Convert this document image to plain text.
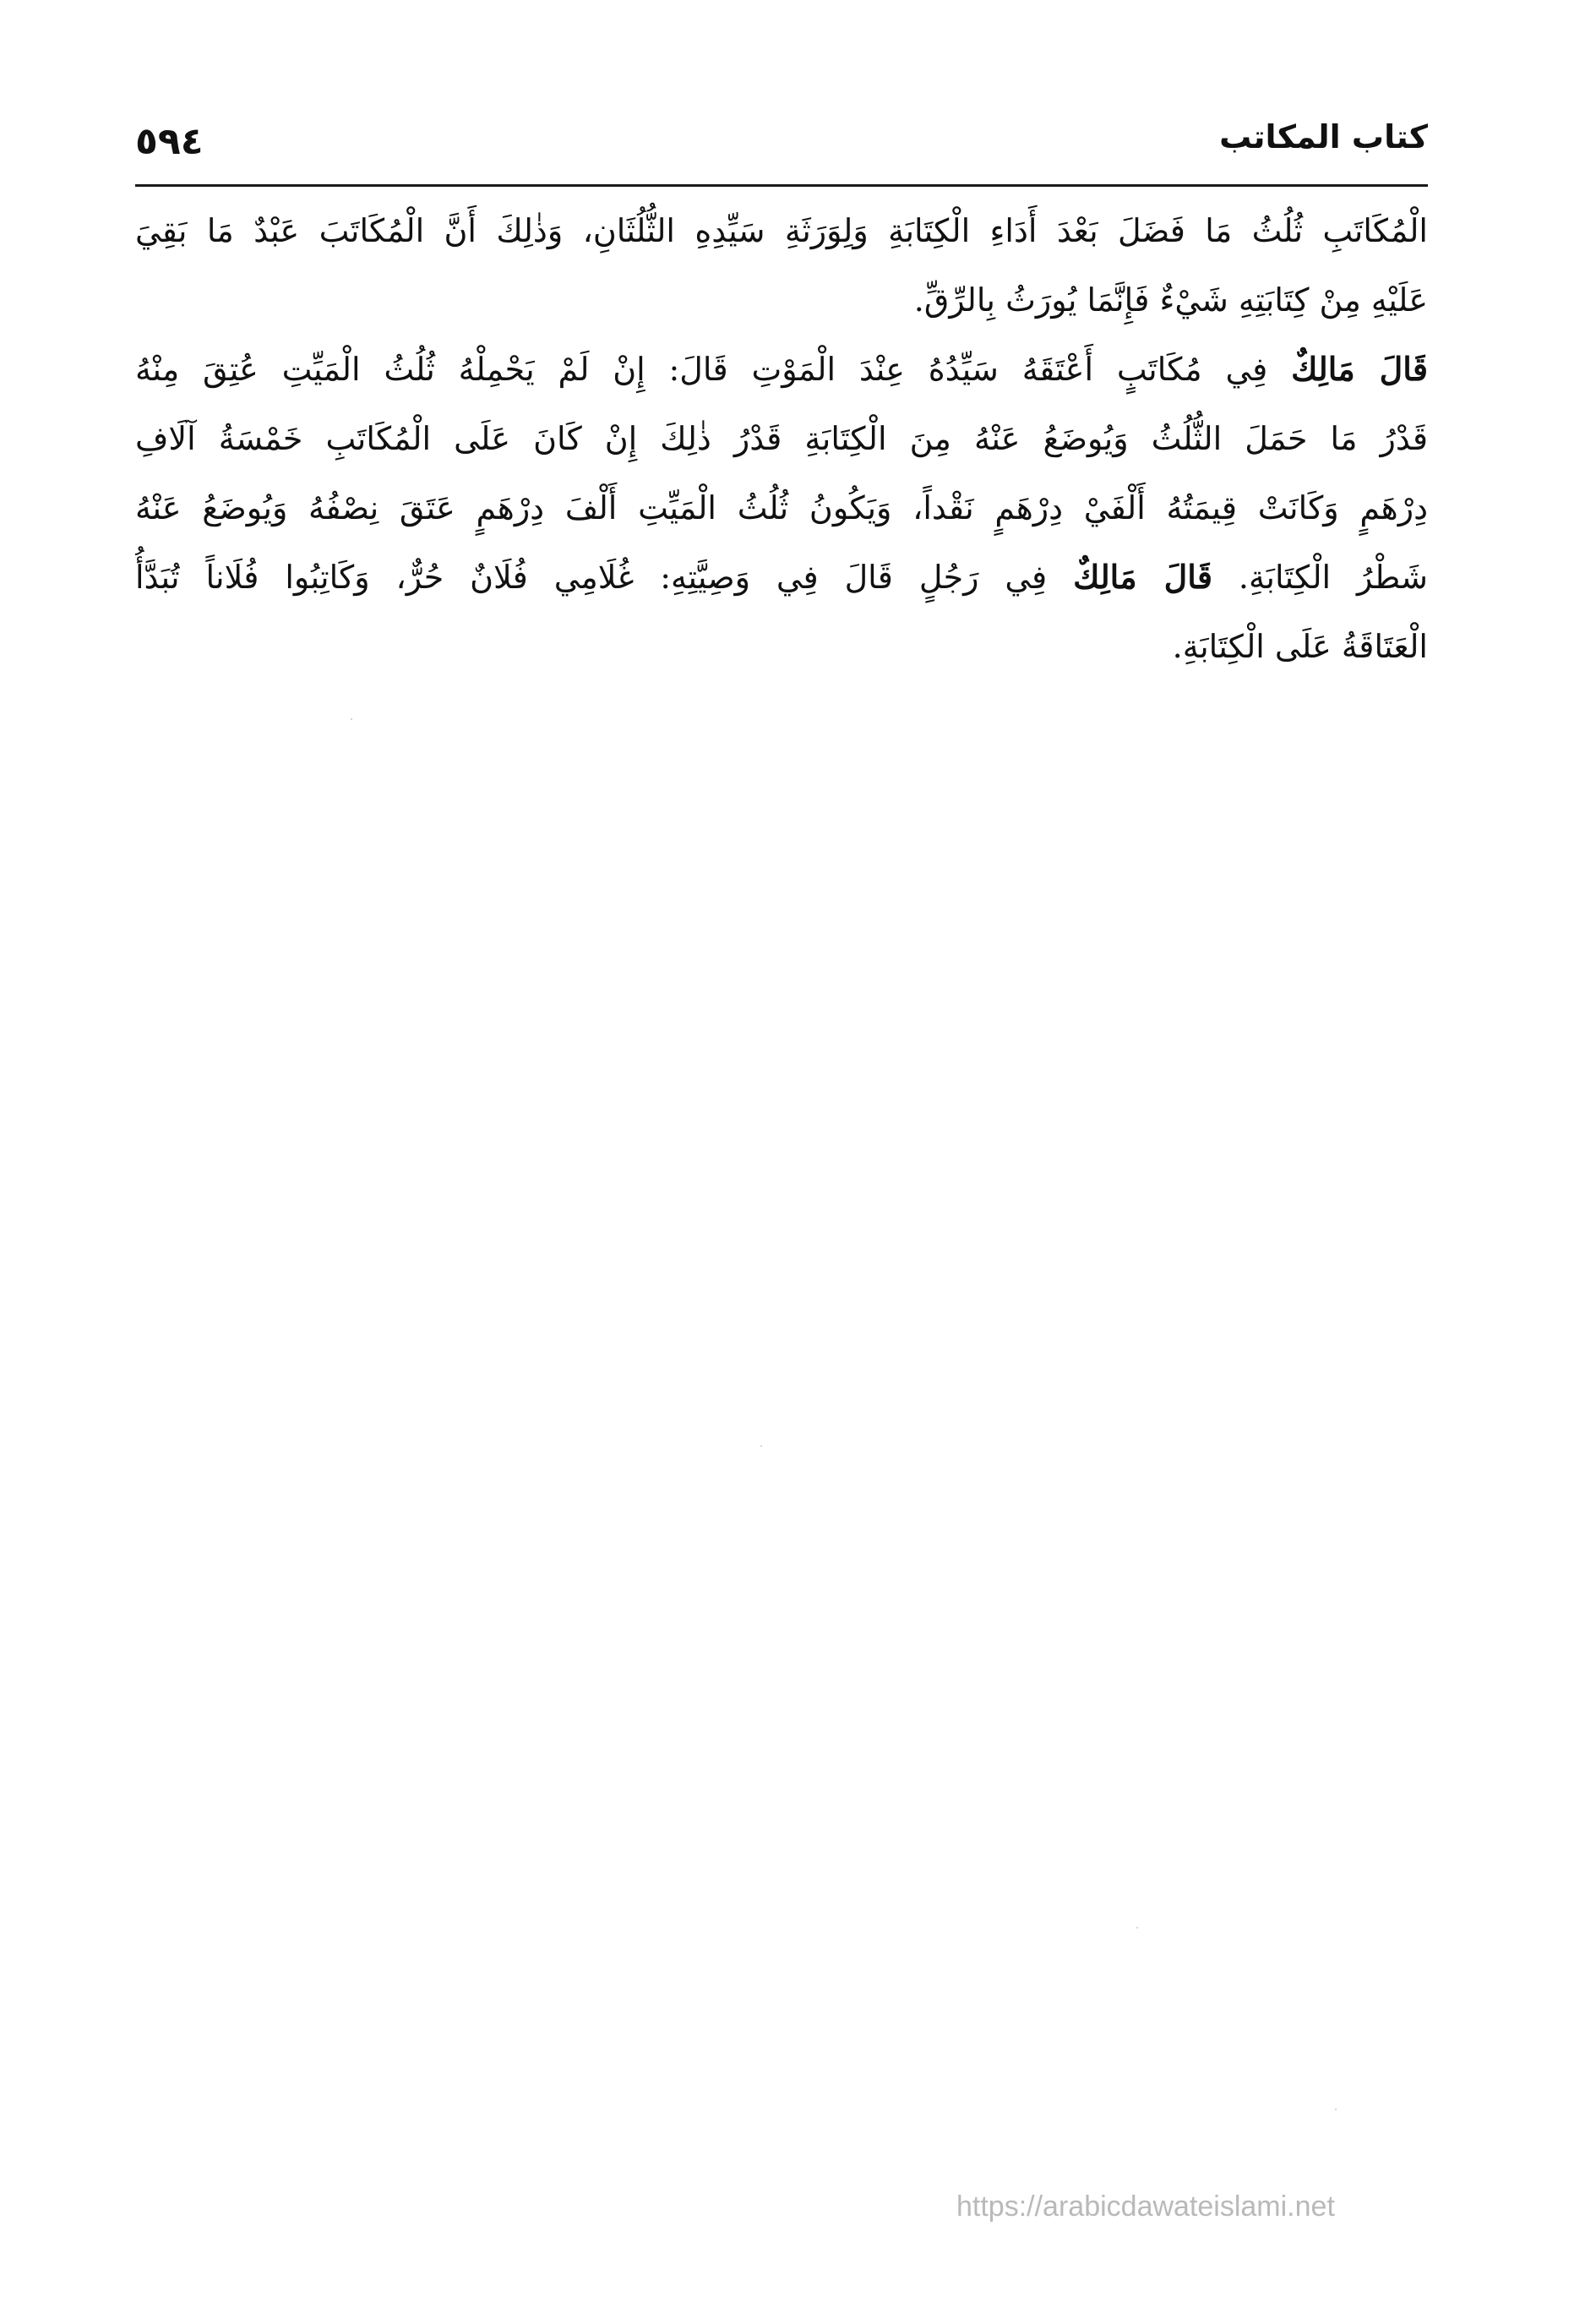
٥٩٤	كتاب المكاتب

الْمُكَاتَبِ ثُلُثُ مَا فَضَلَ بَعْدَ أَدَاءِ الْكِتَابَةِ وَلِوَرَثَةِ سَيِّدِهِ الثُّلُثَانِ، وَذٰلِكَ أَنَّ الْمُكَاتَبَ عَبْدٌ مَا بَقِيَ
عَلَيْهِ مِنْ كِتَابَتِهِ شَيْءٌ فَإِنَّمَا يُورَثُ بِالرِّقِّ.

قَالَ مَالِكٌ فِي مُكَاتَبٍ أَعْتَقَهُ سَيِّدُهُ عِنْدَ الْمَوْتِ قَالَ: إِنْ لَمْ يَحْمِلْهُ ثُلُثُ الْمَيِّتِ عُتِقَ مِنْهُ
قَدْرُ مَا حَمَلَ الثُّلُثُ وَيُوضَعُ عَنْهُ مِنَ الْكِتَابَةِ قَدْرُ ذٰلِكَ إِنْ كَانَ عَلَى الْمُكَاتَبِ خَمْسَةُ آلَافِ
دِرْهَمٍ وَكَانَتْ قِيمَتُهُ أَلْفَيْ دِرْهَمٍ نَقْداً، وَيَكُونُ ثُلُثُ الْمَيِّتِ أَلْفَ دِرْهَمٍ عَتَقَ نِصْفُهُ وَيُوضَعُ عَنْهُ
شَطْرُ الْكِتَابَةِ. قَالَ مَالِكٌ فِي رَجُلٍ قَالَ فِي وَصِيَّتِهِ: غُلَامِي فُلَانٌ حُرٌّ، وَكَاتِبُوا فُلَاناً تُبَدَّأُ
الْعَتَاقَةُ عَلَى الْكِتَابَةِ.

https://arabicdawateislami.net
